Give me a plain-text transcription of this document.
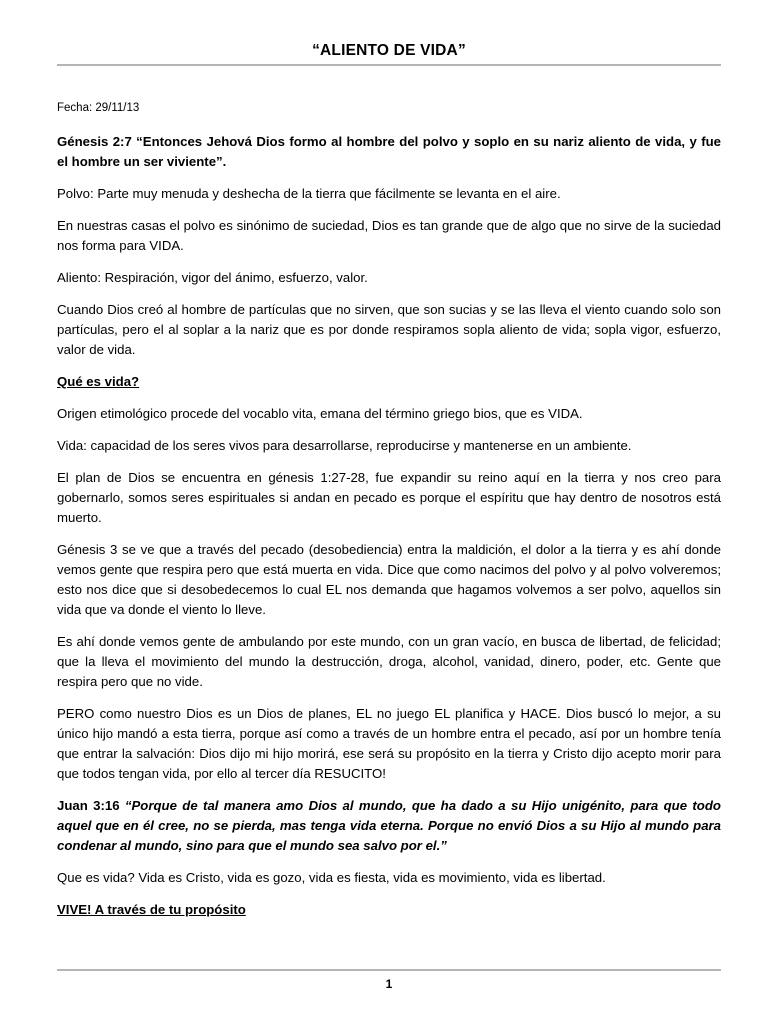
“ALIENTO DE VIDA”

Fecha: 29/11/13

Génesis 2:7 “Entonces Jehová Dios formo al hombre del polvo y soplo en su nariz aliento de vida, y fue el hombre un ser viviente”.

Polvo: Parte muy menuda y deshecha de la tierra que fácilmente se levanta en el aire.

En nuestras casas el polvo es sinónimo de suciedad, Dios es tan grande que de algo que no sirve de la suciedad nos forma para VIDA.

Aliento: Respiración, vigor del ánimo, esfuerzo, valor.

Cuando Dios creó al hombre de partículas que no sirven, que son sucias y se las lleva el viento cuando solo son partículas, pero el al soplar a la nariz que es por donde respiramos sopla aliento de vida; sopla vigor, esfuerzo, valor de vida.

Qué es vida?

Origen etimológico procede del vocablo vita, emana del término griego bios, que es VIDA.

Vida: capacidad de los seres vivos para desarrollarse, reproducirse y mantenerse en un ambiente.

El plan de Dios se encuentra en génesis 1:27-28, fue expandir su reino aquí en la tierra y nos creo para gobernarlo, somos seres espirituales si andan en pecado es porque el espíritu que hay dentro de nosotros está muerto.

Génesis 3 se ve que a través del pecado (desobediencia) entra la maldición, el dolor a la tierra y es ahí donde vemos gente que respira pero que está muerta en vida. Dice que como nacimos del polvo y al polvo volveremos; esto nos dice que si desobedecemos lo cual EL nos demanda que hagamos volvemos a ser polvo, aquellos sin vida que va donde el viento lo lleve.

Es ahí donde vemos gente de ambulando por este mundo, con un gran vacío, en busca de libertad, de felicidad; que la lleva el movimiento del mundo la destrucción, droga, alcohol, vanidad, dinero, poder, etc. Gente que respira pero que no vide.

PERO como nuestro Dios es un Dios de planes, EL no juego EL planifica y HACE. Dios buscó lo mejor, a su único hijo mandó a esta tierra, porque así como a través de un hombre entra el pecado, así por un hombre tenía que entrar la salvación: Dios dijo mi hijo morirá, ese será su propósito en la tierra y Cristo dijo acepto morir para que todos tengan vida, por ello al tercer día RESUCITO!

Juan 3:16 “Porque de tal manera amo Dios al mundo, que ha dado a su Hijo unigénito, para que todo aquel que en él cree, no se pierda, mas tenga vida eterna. Porque no envió Dios a su Hijo al mundo para condenar al mundo, sino para que el mundo sea salvo por el.”

Que es vida? Vida es Cristo, vida es gozo, vida es fiesta, vida es movimiento, vida es libertad.

VIVE! A través de tu propósito

1
